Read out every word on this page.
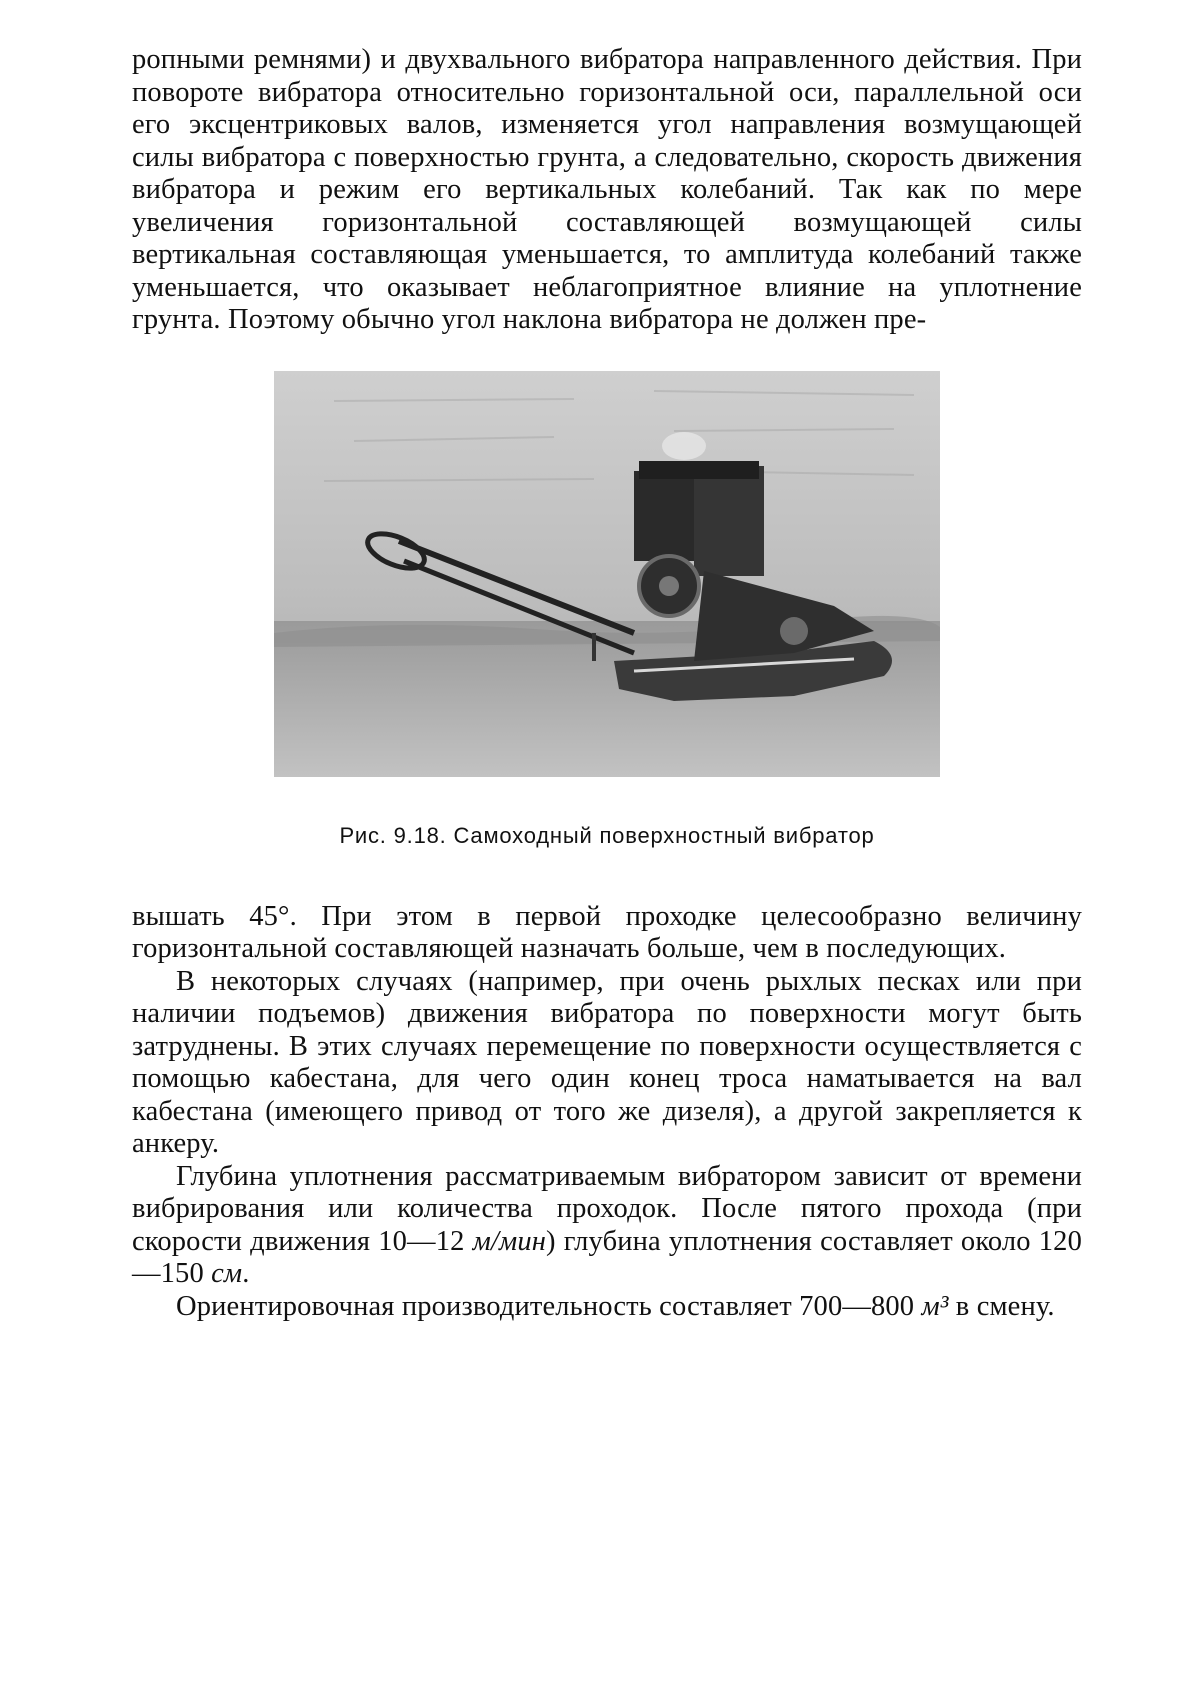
ропными ремнями) и двухвального вибратора направленного действия. При повороте вибратора относительно горизонтальной оси, параллельной оси его эксцентриковых валов, изменяется угол направления возмущающей силы вибратора с поверхностью грунта, а следовательно, скорость движения вибратора и режим его вертикальных колебаний. Так как по мере увеличения горизонтальной составляющей возмущающей силы вертикальная составляющая уменьшается, то амплитуда колебаний также уменьшается, что оказывает неблагоприятное влияние на уплотнение грунта. Поэтому обычно угол наклона вибратора не должен пре-

Рис. 9.18. Самоходный поверхностный вибратор

вышать 45°. При этом в первой проходке целесообразно величину горизонтальной составляющей назначать больше, чем в последующих.

В некоторых случаях (например, при очень рыхлых песках или при наличии подъемов) движения вибратора по поверхности могут быть затруднены. В этих случаях перемещение по поверхности осуществляется с помощью кабестана, для чего один конец троса наматывается на вал кабестана (имеющего привод от того же дизеля), а другой закрепляется к анкеру.

Глубина уплотнения рассматриваемым вибратором зависит от времени вибрирования или количества проходок. После пятого прохода (при скорости движения 10—12 м/мин) глубина уплотнения составляет около 120—150 см.

Ориентировочная производительность составляет 700—800 м³ в смену.
